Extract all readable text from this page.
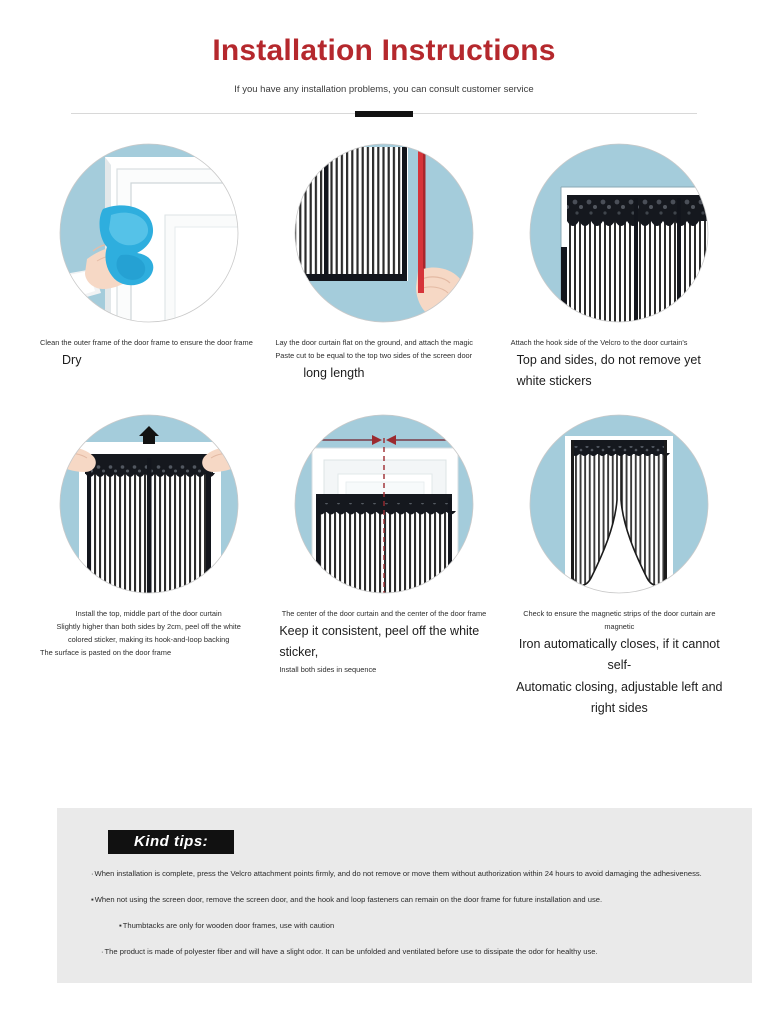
Installation Instructions
If you have any installation problems, you can consult customer service
Clean the outer frame of the door frame to ensure the door frame
Dry
Lay the door curtain flat on the ground, and attach the magic
Paste cut to be equal to the top two sides of the screen door
long length
Attach the hook side of the Velcro to the door curtain's
Top and sides, do not remove yet
white stickers
Install the top, middle part of the door curtain
Slightly higher than both sides by 2cm, peel off the white
colored sticker, making its hook-and-loop backing
The surface is pasted on the door frame
The center of the door curtain and the center of the door frame
Keep it consistent, peel off the white sticker,
Install both sides in sequence
Check to ensure the magnetic strips of the door curtain are magnetic
Iron automatically closes, if it cannot self-
Automatic closing, adjustable left and right sides
Kind tips:
·When installation is complete, press the Velcro attachment points firmly, and do not remove or move them without authorization within 24 hours to avoid damaging the adhesiveness.
▪When not using the screen door, remove the screen door, and the hook and loop fasteners can remain on the door frame for future installation and use.
▪Thumbtacks are only for wooden door frames, use with caution
·The product is made of polyester fiber and will have a slight odor. It can be unfolded and ventilated before use to dissipate the odor for healthy use.
